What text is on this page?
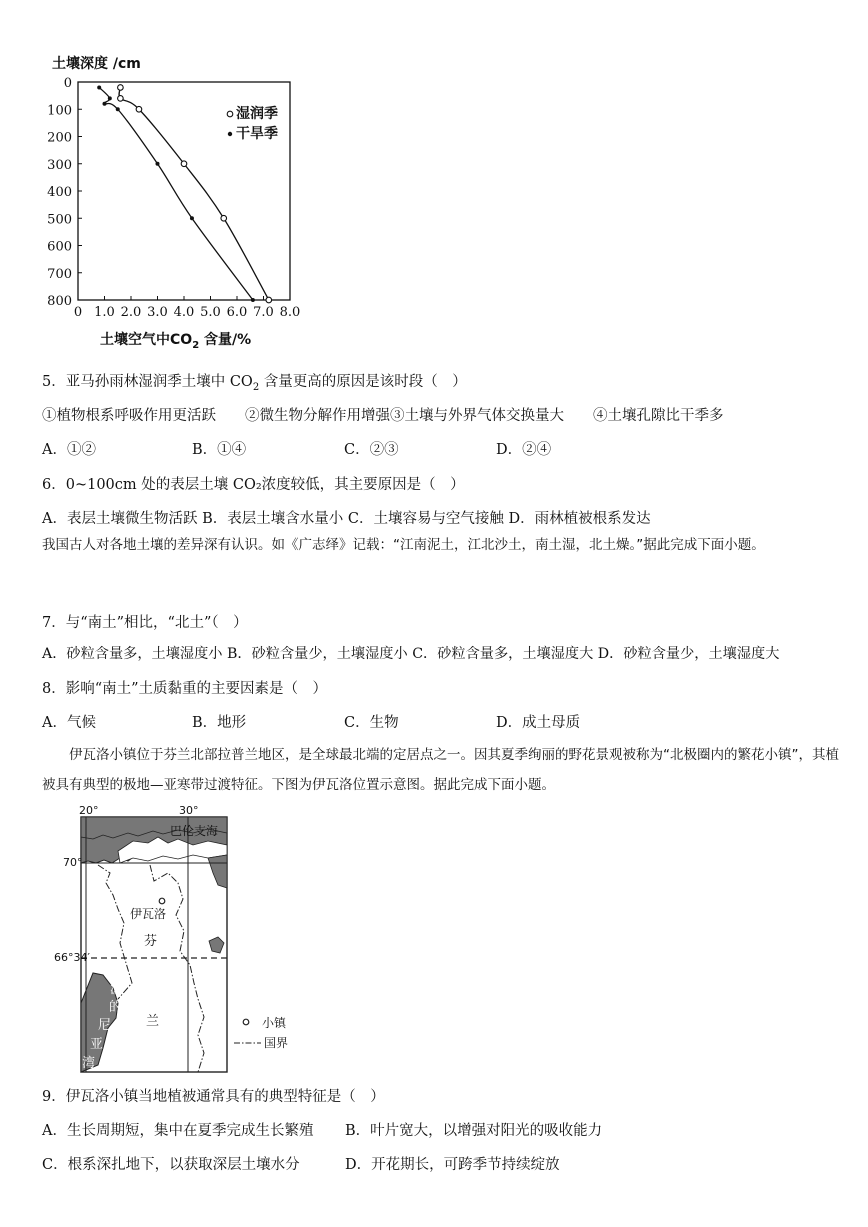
土壤深度 /cm
0 1.0 2.0 3.0 4.0 5.0 6.0 7.0 8.0
0
100
200
300
400
500
600
700
800
湿润季
干旱季
土壤空气中$CO_2$ 含量/%
5．亚马孙雨林湿润季土壤中 $CO_2$ 含量更高的原因是该时段（　）
①植物根系呼吸作用更活跃　　②微生物分解作用增强③土壤与外界气体交换量大　　④土壤孔隙比干季多
A．①②	B．①④	C．②③	D．②④
6．0~100cm 处的表层土壤 CO₂浓度较低，其主要原因是（　）
A．表层土壤微生物活跃 B．表层土壤含水量小 C．土壤容易与空气接触 D．雨林植被根系发达
我国古人对各地土壤的差异深有认识。如《广志绎》记载：“江南泥土，江北沙土，南土湿，北土燥。”据此完成下面小题。
7．与“南土”相比，“北土”（　）
A．砂粒含量多，土壤湿度小 B．砂粒含量少，土壤湿度小 C．砂粒含量多，土壤湿度大 D．砂粒含量少，土壤湿度大
8．影响“南土”土质黏重的主要因素是（　）
A．气候	B．地形	C．生物	D．成土母质
伊瓦洛小镇位于芬兰北部拉普兰地区，是全球最北端的定居点之一。因其夏季绚丽的野花景观被称为“北极圈内的繁花小镇”，其植被具有典型的极地—亚寒带过渡特征。下图为伊瓦洛位置示意图。据此完成下面小题。
20°	30°
70°
66°34′
巴伦支海
伊瓦洛
芬
兰
波
的
尼
亚
湾
小镇
国界
9．伊瓦洛小镇当地植被通常具有的典型特征是（　）
A．生长周期短，集中在夏季完成生长繁殖 B．叶片宽大，以增强对阳光的吸收能力
C．根系深扎地下，以获取深层土壤水分	D．开花期长，可跨季节持续绽放
